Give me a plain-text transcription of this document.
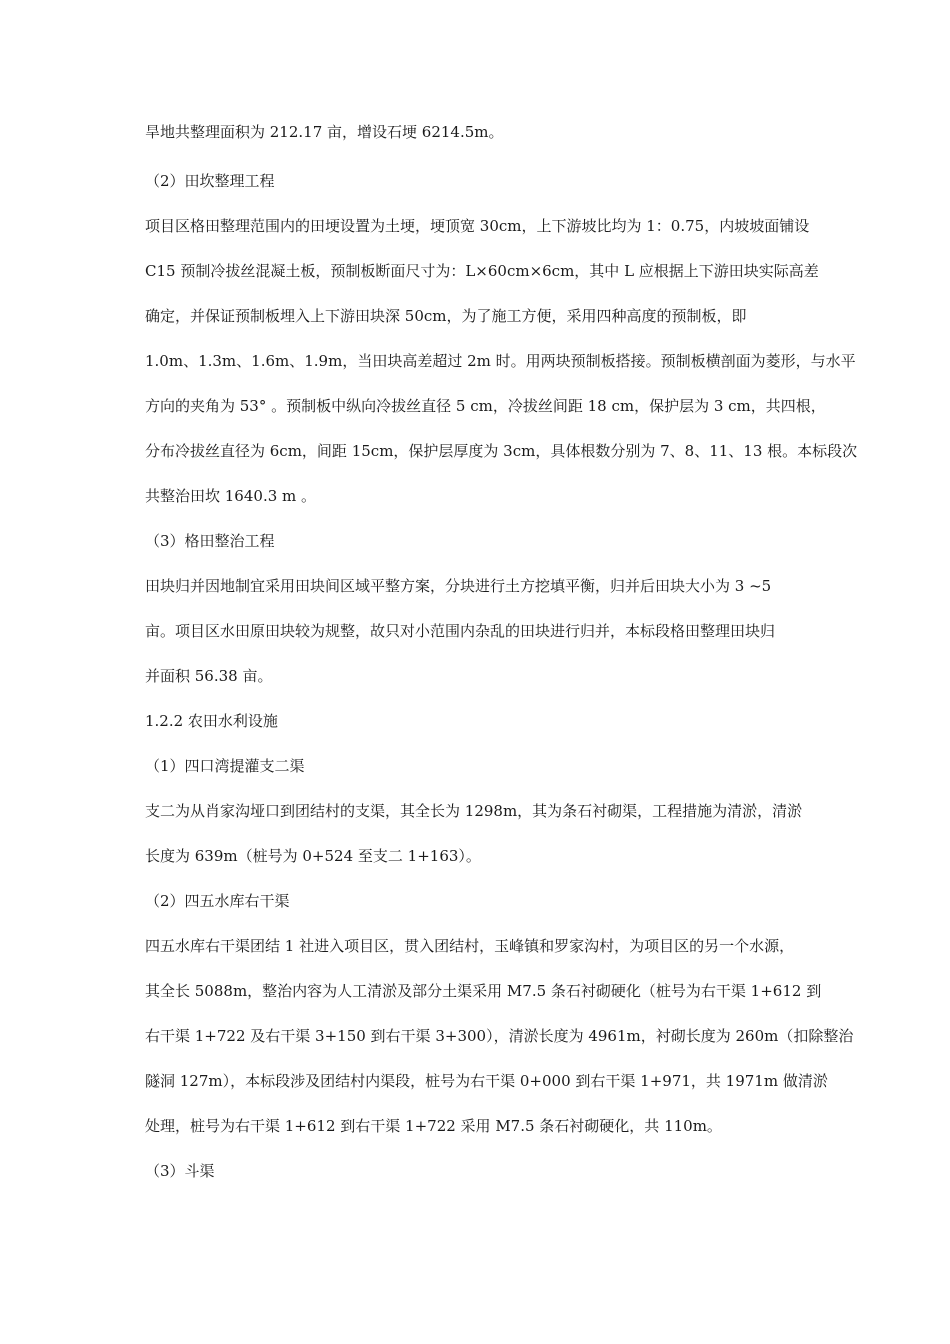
旱地共整理面积为 212.17 亩，增设石埂 6214.5m。
（2）田坎整理工程
项目区格田整理范围内的田埂设置为土埂，埂顶宽 30cm，上下游坡比均为 1：0.75，内坡坡面铺设
C15 预制冷拔丝混凝土板，预制板断面尺寸为：L×60cm×6cm，其中 L 应根据上下游田块实际高差
确定，并保证预制板埋入上下游田块深 50cm，为了施工方便，采用四种高度的预制板，即
1.0m、1.3m、1.6m、1.9m，当田块高差超过 2m 时。用两块预制板搭接。预制板横剖面为菱形，与水平
方向的夹角为 53° 。预制板中纵向冷拔丝直径 5 cm，冷拔丝间距 18 cm，保护层为 3 cm，共四根，
分布冷拔丝直径为 6cm，间距 15cm，保护层厚度为 3cm，具体根数分别为 7、8、11、13 根。本标段次
共整治田坎 1640.3 m 。
（3）格田整治工程
田块归并因地制宜采用田块间区域平整方案，分块进行土方挖填平衡，归并后田块大小为 3 ~5
亩。项目区水田原田块较为规整，故只对小范围内杂乱的田块进行归并，本标段格田整理田块归
并面积 56.38 亩。
1.2.2 农田水利设施
（1）四口湾提灌支二渠
支二为从肖家沟垭口到团结村的支渠，其全长为 1298m，其为条石衬砌渠，工程措施为清淤，清淤
长度为 639m（桩号为 0+524 至支二 1+163）。
（2）四五水库右干渠
四五水库右干渠团结 1 社进入项目区，贯入团结村，玉峰镇和罗家沟村，为项目区的另一个水源，
其全长 5088m，整治内容为人工清淤及部分土渠采用 M7.5 条石衬砌硬化（桩号为右干渠 1+612 到
右干渠 1+722 及右干渠 3+150 到右干渠 3+300），清淤长度为 4961m，衬砌长度为 260m（扣除整治
隧洞 127m），本标段涉及团结村内渠段，桩号为右干渠 0+000 到右干渠 1+971，共 1971m 做清淤
处理，桩号为右干渠 1+612 到右干渠 1+722 采用 M7.5 条石衬砌硬化，共 110m。
（3）斗渠
